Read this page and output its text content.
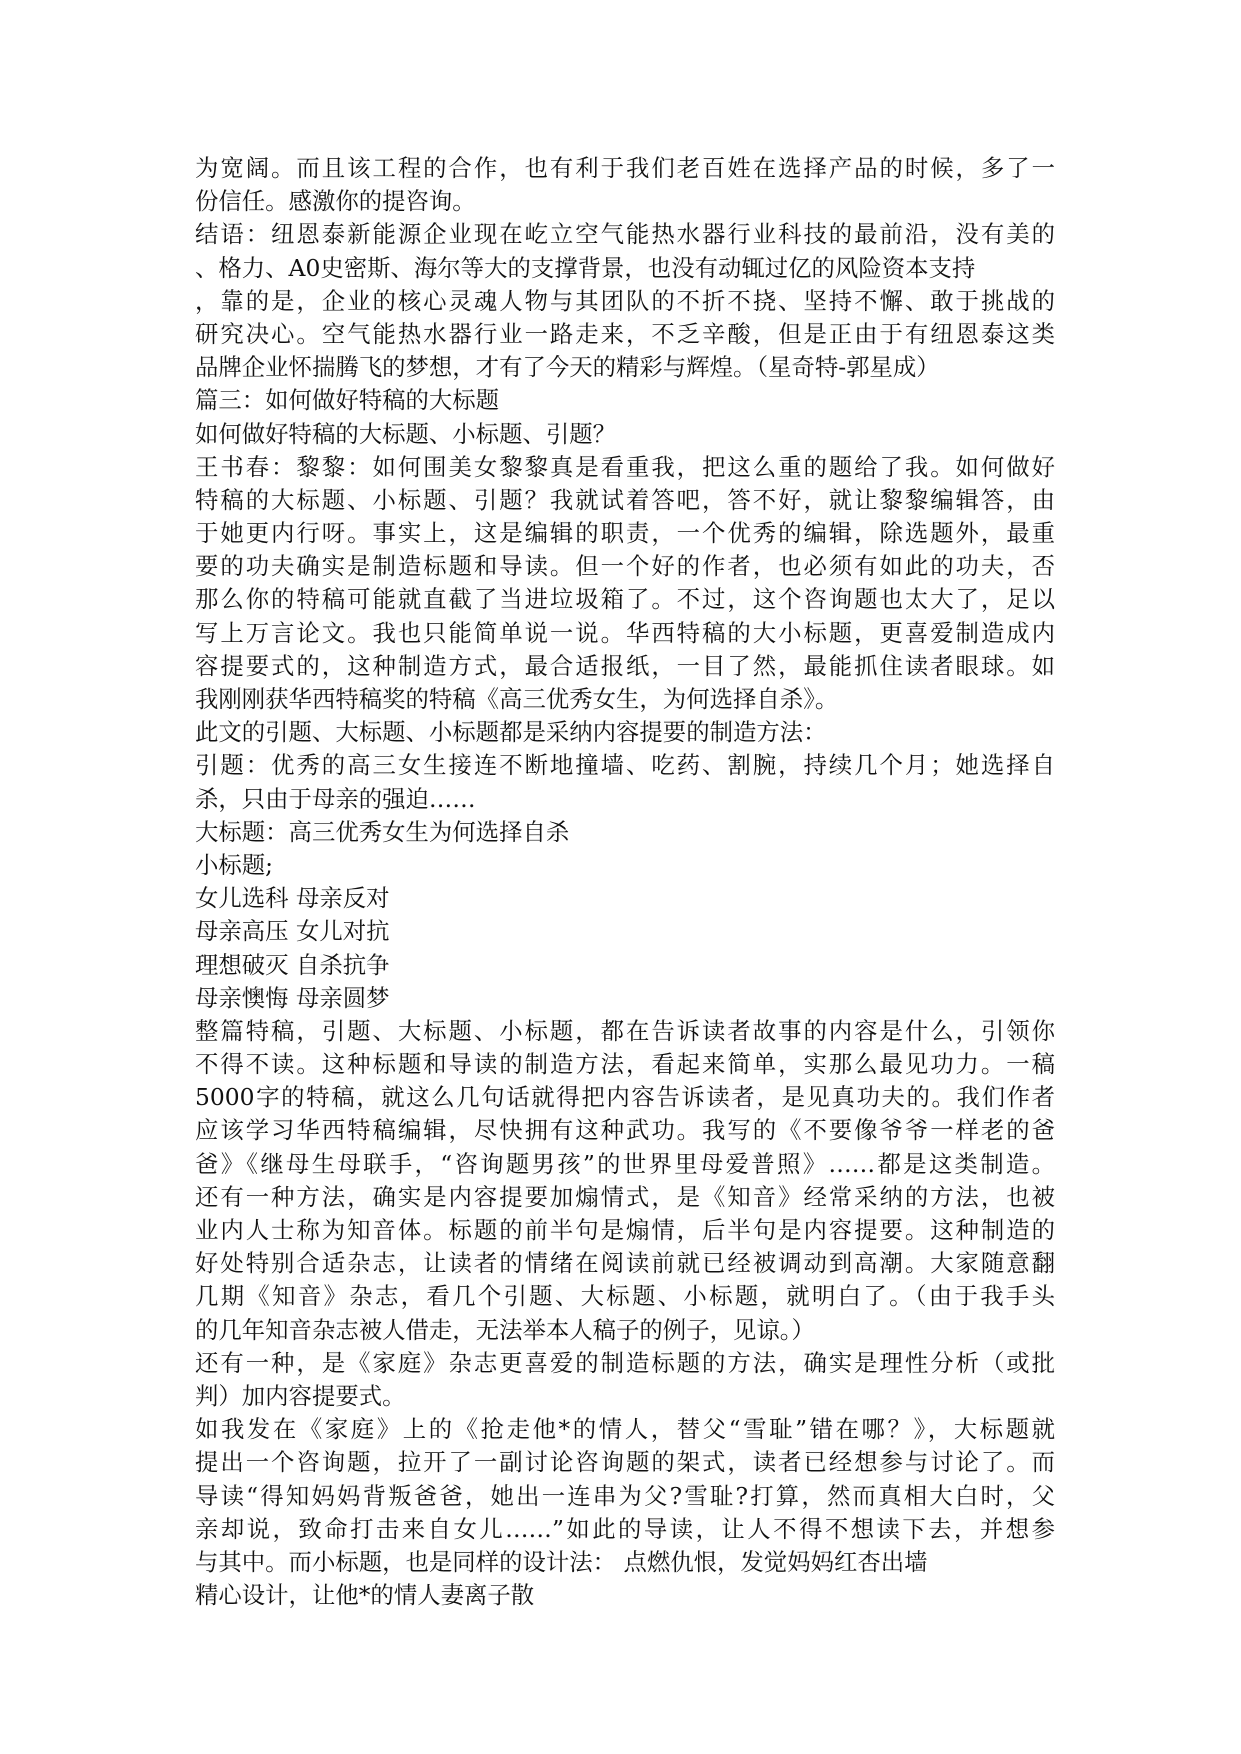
为宽阔。而且该工程的合作，也有利于我们老百姓在选择产品的时候，多了一
份信任。感激你的提咨询。
结语：纽恩泰新能源企业现在屹立空气能热水器行业科技的最前沿，没有美的
、格力、A0史密斯、海尔等大的支撑背景，也没有动辄过亿的风险资本支持
，靠的是，企业的核心灵魂人物与其团队的不折不挠、坚持不懈、敢于挑战的
研究决心。空气能热水器行业一路走来，不乏辛酸，但是正由于有纽恩泰这类
品牌企业怀揣腾飞的梦想，才有了今天的精彩与辉煌。（星奇特-郭星成）
篇三：如何做好特稿的大标题
如何做好特稿的大标题、小标题、引题？
王书春：黎黎：如何围美女黎黎真是看重我，把这么重的题给了我。如何做好
特稿的大标题、小标题、引题？我就试着答吧，答不好，就让黎黎编辑答，由
于她更内行呀。事实上，这是编辑的职责，一个优秀的编辑，除选题外，最重
要的功夫确实是制造标题和导读。但一个好的作者，也必须有如此的功夫，否
那么你的特稿可能就直截了当进垃圾箱了。不过，这个咨询题也太大了，足以
写上万言论文。我也只能简单说一说。华西特稿的大小标题，更喜爱制造成内
容提要式的，这种制造方式，最合适报纸，一目了然，最能抓住读者眼球。如
我刚刚获华西特稿奖的特稿《高三优秀女生，为何选择自杀》。
此文的引题、大标题、小标题都是采纳内容提要的制造方法：
引题：优秀的高三女生接连不断地撞墙、吃药、割腕，持续几个月；她选择自
杀，只由于母亲的强迫……
大标题：高三优秀女生为何选择自杀
小标题;
女儿选科 母亲反对
母亲高压 女儿对抗
理想破灭 自杀抗争
母亲懊悔 母亲圆梦
整篇特稿，引题、大标题、小标题，都在告诉读者故事的内容是什么，引领你
不得不读。这种标题和导读的制造方法，看起来简单，实那么最见功力。一稿
5000字的特稿，就这么几句话就得把内容告诉读者，是见真功夫的。我们作者
应该学习华西特稿编辑，尽快拥有这种武功。我写的《不要像爷爷一样老的爸
爸》《继母生母联手，“咨询题男孩”的世界里母爱普照》……都是这类制造。
还有一种方法，确实是内容提要加煽情式，是《知音》经常采纳的方法，也被
业内人士称为知音体。标题的前半句是煽情，后半句是内容提要。这种制造的
好处特别合适杂志，让读者的情绪在阅读前就已经被调动到高潮。大家随意翻
几期《知音》杂志，看几个引题、大标题、小标题，就明白了。（由于我手头
的几年知音杂志被人借走，无法举本人稿子的例子，见谅。）
还有一种，是《家庭》杂志更喜爱的制造标题的方法，确实是理性分析（或批
判）加内容提要式。
如我发在《家庭》上的《抢走他*的情人，替父“雪耻”错在哪？》，大标题就
提出一个咨询题，拉开了一副讨论咨询题的架式，读者已经想参与讨论了。而
导读“得知妈妈背叛爸爸，她出一连串为父?雪耻?打算，然而真相大白时，父
亲却说，致命打击来自女儿……”如此的导读，让人不得不想读下去，并想参
与其中。而小标题，也是同样的设计法： 点燃仇恨，发觉妈妈红杏出墙
精心设计，让他*的情人妻离子散
